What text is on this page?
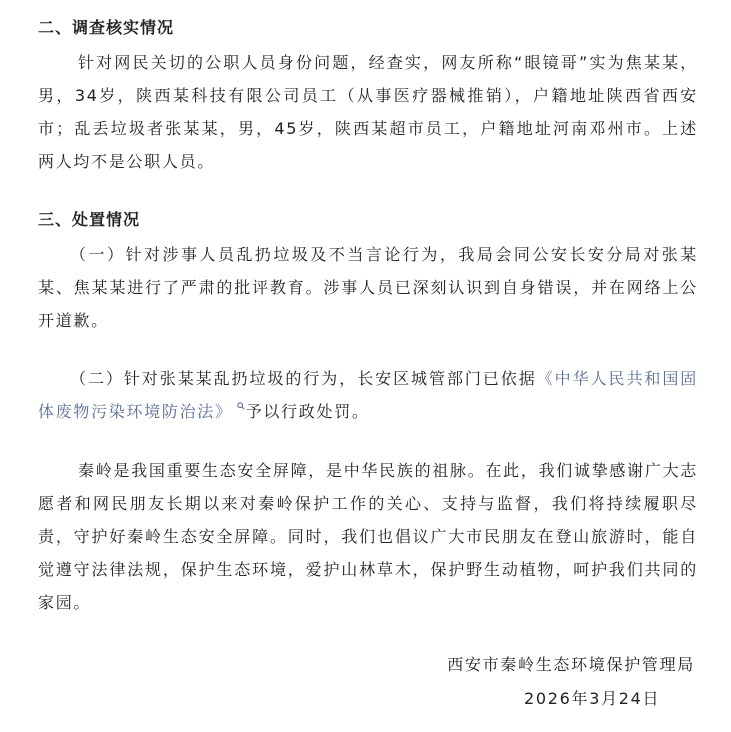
二、调查核实情况

针对网民关切的公职人员身份问题，经查实，网友所称“眼镜哥”实为焦某某，男，34岁，陕西某科技有限公司员工（从事医疗器械推销），户籍地址陕西省西安市；乱丢垃圾者张某某，男，45岁，陕西某超市员工，户籍地址河南邓州市。上述两人均不是公职人员。

三、处置情况

（一）针对涉事人员乱扔垃圾及不当言论行为，我局会同公安长安分局对张某某、焦某某进行了严肃的批评教育。涉事人员已深刻认识到自身错误，并在网络上公开道歉。

（二）针对张某某乱扔垃圾的行为，长安区城管部门已依据《中华人民共和国固体废物污染环境防治法》 予以行政处罚。

秦岭是我国重要生态安全屏障，是中华民族的祖脉。在此，我们诚挚感谢广大志愿者和网民朋友长期以来对秦岭保护工作的关心、支持与监督，我们将持续履职尽责，守护好秦岭生态安全屏障。同时，我们也倡议广大市民朋友在登山旅游时，能自觉遵守法律法规，保护生态环境，爱护山林草木，保护野生动植物，呵护我们共同的家园。

西安市秦岭生态环境保护管理局
2026年3月24日
